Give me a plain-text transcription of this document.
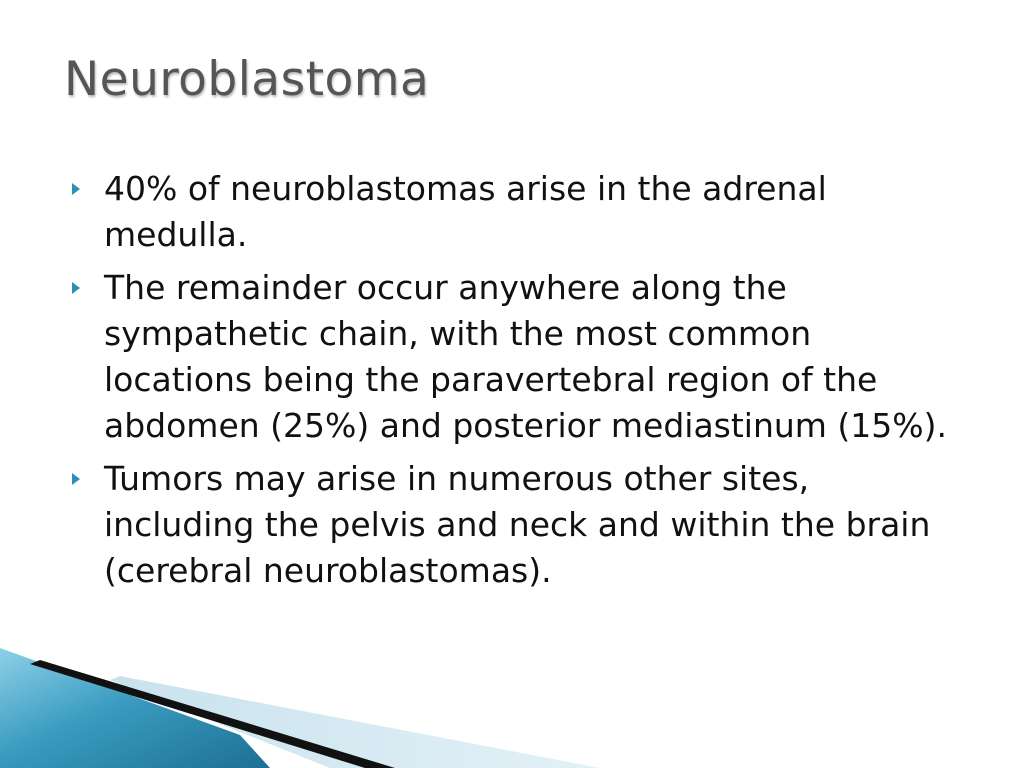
Neuroblastoma
40% of neuroblastomas arise in the adrenal medulla.
The remainder occur anywhere along the sympathetic chain, with the most common locations being the paravertebral region of the abdomen (25%) and posterior mediastinum (15%).
Tumors may arise in numerous other sites, including the pelvis and neck and within the brain (cerebral neuroblastomas).
